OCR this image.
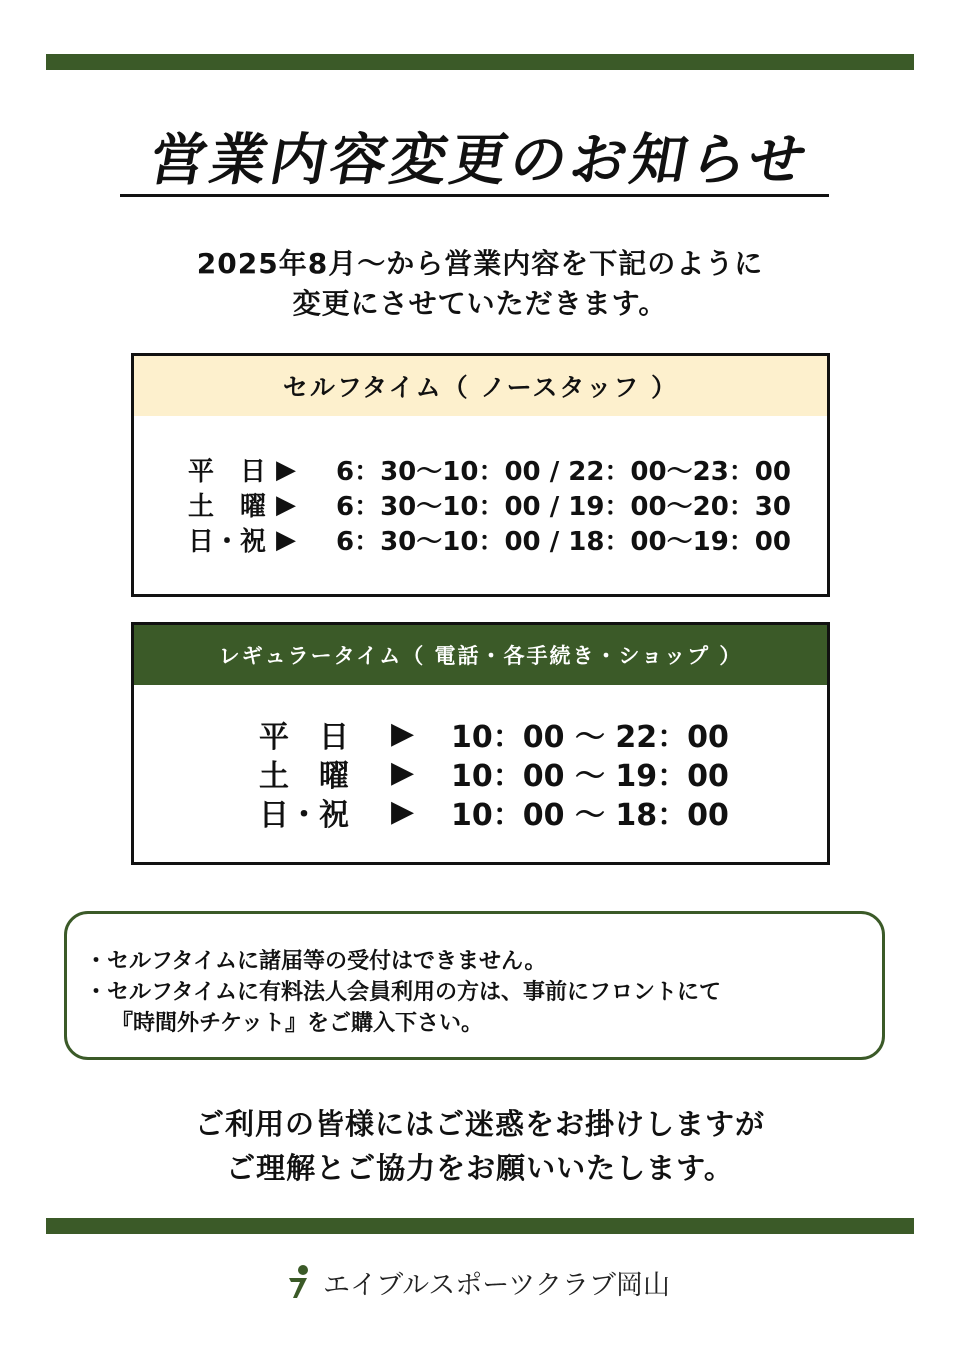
営業内容変更のお知らせ
2025年8月～から営業内容を下記のように
変更にさせていただきます。
セルフタイム（ ノースタッフ ）
平　日 ▶	6：30～10：00 / 22：00～23：00
土　曜 ▶	6：30～10：00 / 19：00～20：30
日・祝 ▶	6：30～10：00 / 18：00～19：00
レギュラータイム（ 電話・各手続き・ショップ ）
平　日	▶	10：00 ～ 22：00
土　曜	▶	10：00 ～ 19：00
日・祝	▶	10：00 ～ 18：00
・セルフタイムに諸届等の受付はできません。
・セルフタイムに有料法人会員利用の方は、事前にフロントにて
『時間外チケット』をご購入下さい。
ご利用の皆様にはご迷惑をお掛けしますが
ご理解とご協力をお願いいたします。
エイブルスポーツクラブ岡山
